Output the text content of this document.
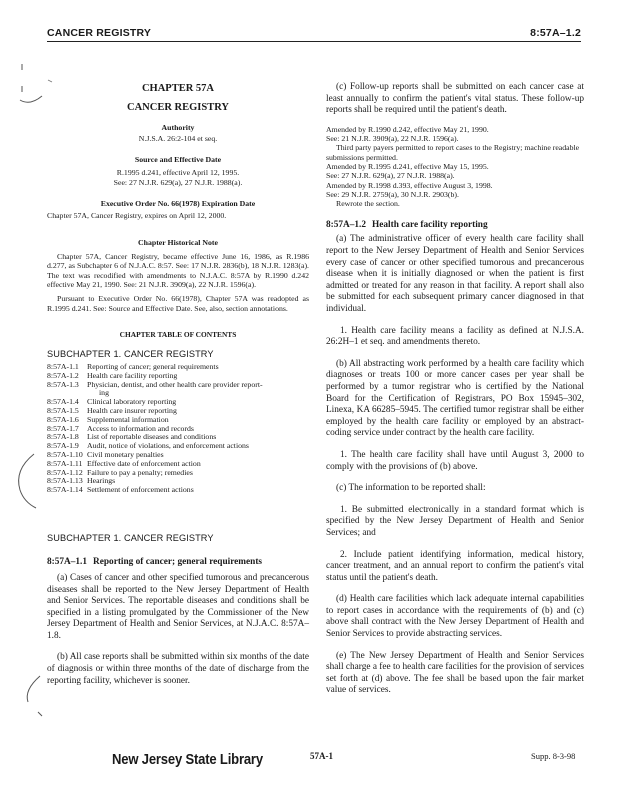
CANCER REGISTRY	8:57A–1.2
CHAPTER 57A
CANCER REGISTRY
Authority
N.J.S.A. 26:2-104 et seq.
Source and Effective Date
R.1995 d.241, effective April 12, 1995.
See: 27 N.J.R. 629(a), 27 N.J.R. 1988(a).
Executive Order No. 66(1978) Expiration Date
Chapter 57A, Cancer Registry, expires on April 12, 2000.
Chapter Historical Note
Chapter 57A, Cancer Registry, became effective June 16, 1986, as R.1986 d.277, as Subchapter 6 of N.J.A.C. 8:57. See: 17 N.J.R. 2836(b), 18 N.J.R. 1283(a). The text was recodified with amendments to N.J.A.C. 8:57A by R.1990 d.242 effective May 21, 1990. See: 21 N.J.R. 3909(a), 22 N.J.R. 1596(a).
Pursuant to Executive Order No. 66(1978), Chapter 57A was readopted as R.1995 d.241. See: Source and Effective Date. See, also, section annotations.
CHAPTER TABLE OF CONTENTS
SUBCHAPTER 1. CANCER REGISTRY
8:57A-1.1	Reporting of cancer; general requirements
8:57A-1.2	Health care facility reporting
8:57A-1.3	Physician, dentist, and other health care provider report-
ing
8:57A-1.4	Clinical laboratory reporting
8:57A-1.5	Health care insurer reporting
8:57A-1.6	Supplemental information
8:57A-1.7	Access to information and records
8:57A-1.8	List of reportable diseases and conditions
8:57A-1.9	Audit, notice of violations, and enforcement actions
8:57A-1.10 Civil monetary penalties
8:57A-1.11 Effective date of enforcement action
8:57A-1.12 Failure to pay a penalty; remedies
8:57A-1.13 Hearings
8:57A-1.14 Settlement of enforcement actions
SUBCHAPTER 1. CANCER REGISTRY
8:57A–1.1 Reporting of cancer; general requirements
(a) Cases of cancer and other specified tumorous and precancerous diseases shall be reported to the New Jersey Department of Health and Senior Services. The reportable diseases and conditions shall be specified in a listing promulgated by the Commissioner of the New Jersey Department of Health and Senior Services, at N.J.A.C. 8:57A–1.8.
(b) All case reports shall be submitted within six months of the date of diagnosis or within three months of the date of discharge from the reporting facility, whichever is sooner.
(c) Follow-up reports shall be submitted on each cancer case at least annually to confirm the patient's vital status. These follow-up reports shall be required until the patient's death.
Amended by R.1990 d.242, effective May 21, 1990.
See: 21 N.J.R. 3909(a), 22 N.J.R. 1596(a).
Third party payers permitted to report cases to the Registry; machine readable submissions permitted.
Amended by R.1995 d.241, effective May 15, 1995.
See: 27 N.J.R. 629(a), 27 N.J.R. 1988(a).
Amended by R.1998 d.393, effective August 3, 1998.
See: 29 N.J.R. 2759(a), 30 N.J.R. 2903(b).
Rewrote the section.
8:57A–1.2 Health care facility reporting
(a) The administrative officer of every health care facility shall report to the New Jersey Department of Health and Senior Services every case of cancer or other specified tumorous and precancerous disease when it is initially diagnosed or when the patient is first admitted or treated for any reason in that facility. A report shall also be submitted for each subsequent primary cancer diagnosed in that individual.
1. Health care facility means a facility as defined at N.J.S.A. 26:2H–1 et seq. and amendments thereto.
(b) All abstracting work performed by a health care facility which diagnoses or treats 100 or more cancer cases per year shall be performed by a tumor registrar who is certified by the National Board for the Certification of Registrars, PO Box 15945–302, Linexa, KA 66285–5945. The certified tumor registrar shall be either employed by the health care facility or employed by an abstract-coding service under contract by the health care facility.
1. The health care facility shall have until August 3, 2000 to comply with the provisions of (b) above.
(c) The information to be reported shall:
1. Be submitted electronically in a standard format which is specified by the New Jersey Department of Health and Senior Services; and
2. Include patient identifying information, medical history, cancer treatment, and an annual report to confirm the patient's vital status until the patient's death.
(d) Health care facilities which lack adequate internal capabilities to report cases in accordance with the requirements of (b) and (c) above shall contract with the New Jersey Department of Health and Senior Services to provide abstracting services.
(e) The New Jersey Department of Health and Senior Services shall charge a fee to health care facilities for the provision of services set forth at (d) above. The fee shall be based upon the fair market value of services.
New Jersey State Library	57A-1	Supp. 8-3-98
